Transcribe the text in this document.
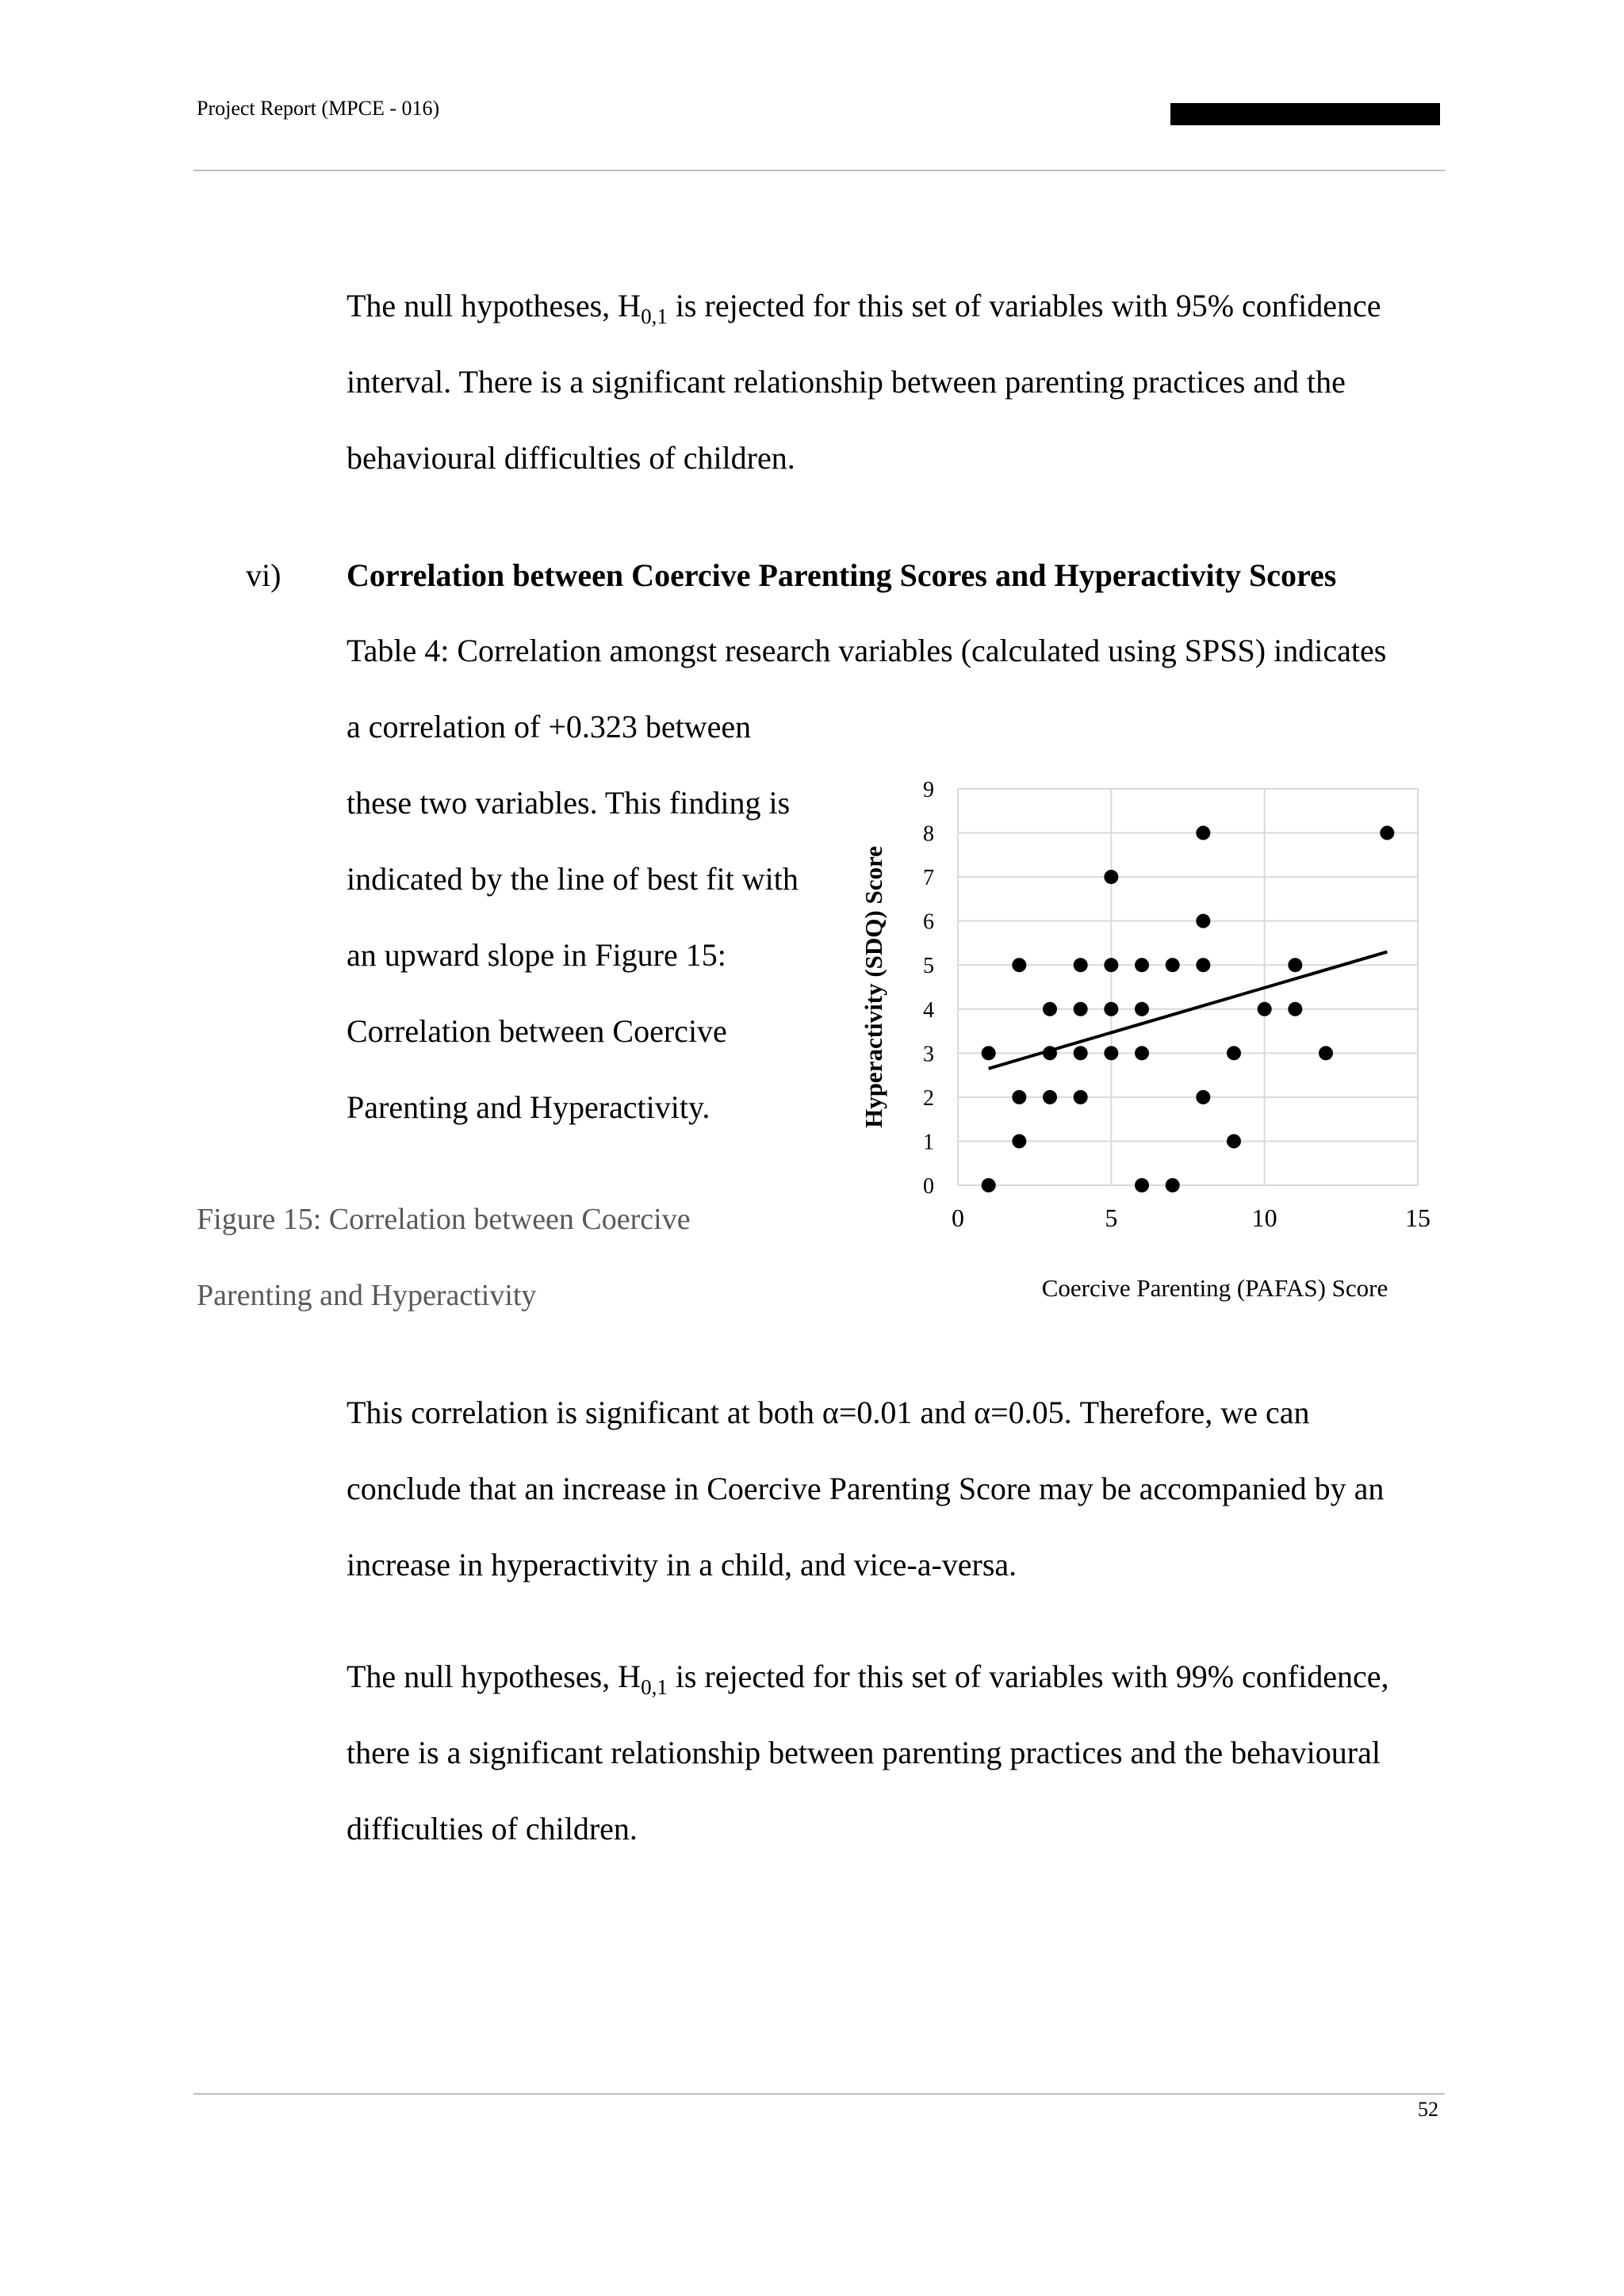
Project Report (MPCE - 016)
The null hypotheses, $H_{0,1}$ is rejected for this set of variables with 95% confidence
interval. There is a significant relationship between parenting practices and the
behavioural difficulties of children.
vi) Correlation between Coercive Parenting Scores and Hyperactivity Scores
Table 4: Correlation amongst research variables (calculated using SPSS) indicates
a correlation of +0.323 between
these two variables. This finding is
indicated by the line of best fit with
an upward slope in Figure 15:
Correlation between Coercive
Parenting and Hyperactivity.
Figure 15: Correlation between Coercive
Parenting and Hyperactivity
0
1
2
3
4
5
6
7
8
9
0	5	10	15
Coercive Parenting (PAFAS) Score
Hyperactivity (SDQ) Score
This correlation is significant at both α=0.01 and α=0.05. Therefore, we can
conclude that an increase in Coercive Parenting Score may be accompanied by an
increase in hyperactivity in a child, and vice-a-versa.
The null hypotheses, $H_{0,1}$ is rejected for this set of variables with 99% confidence,
there is a significant relationship between parenting practices and the behavioural
difficulties of children.
52
